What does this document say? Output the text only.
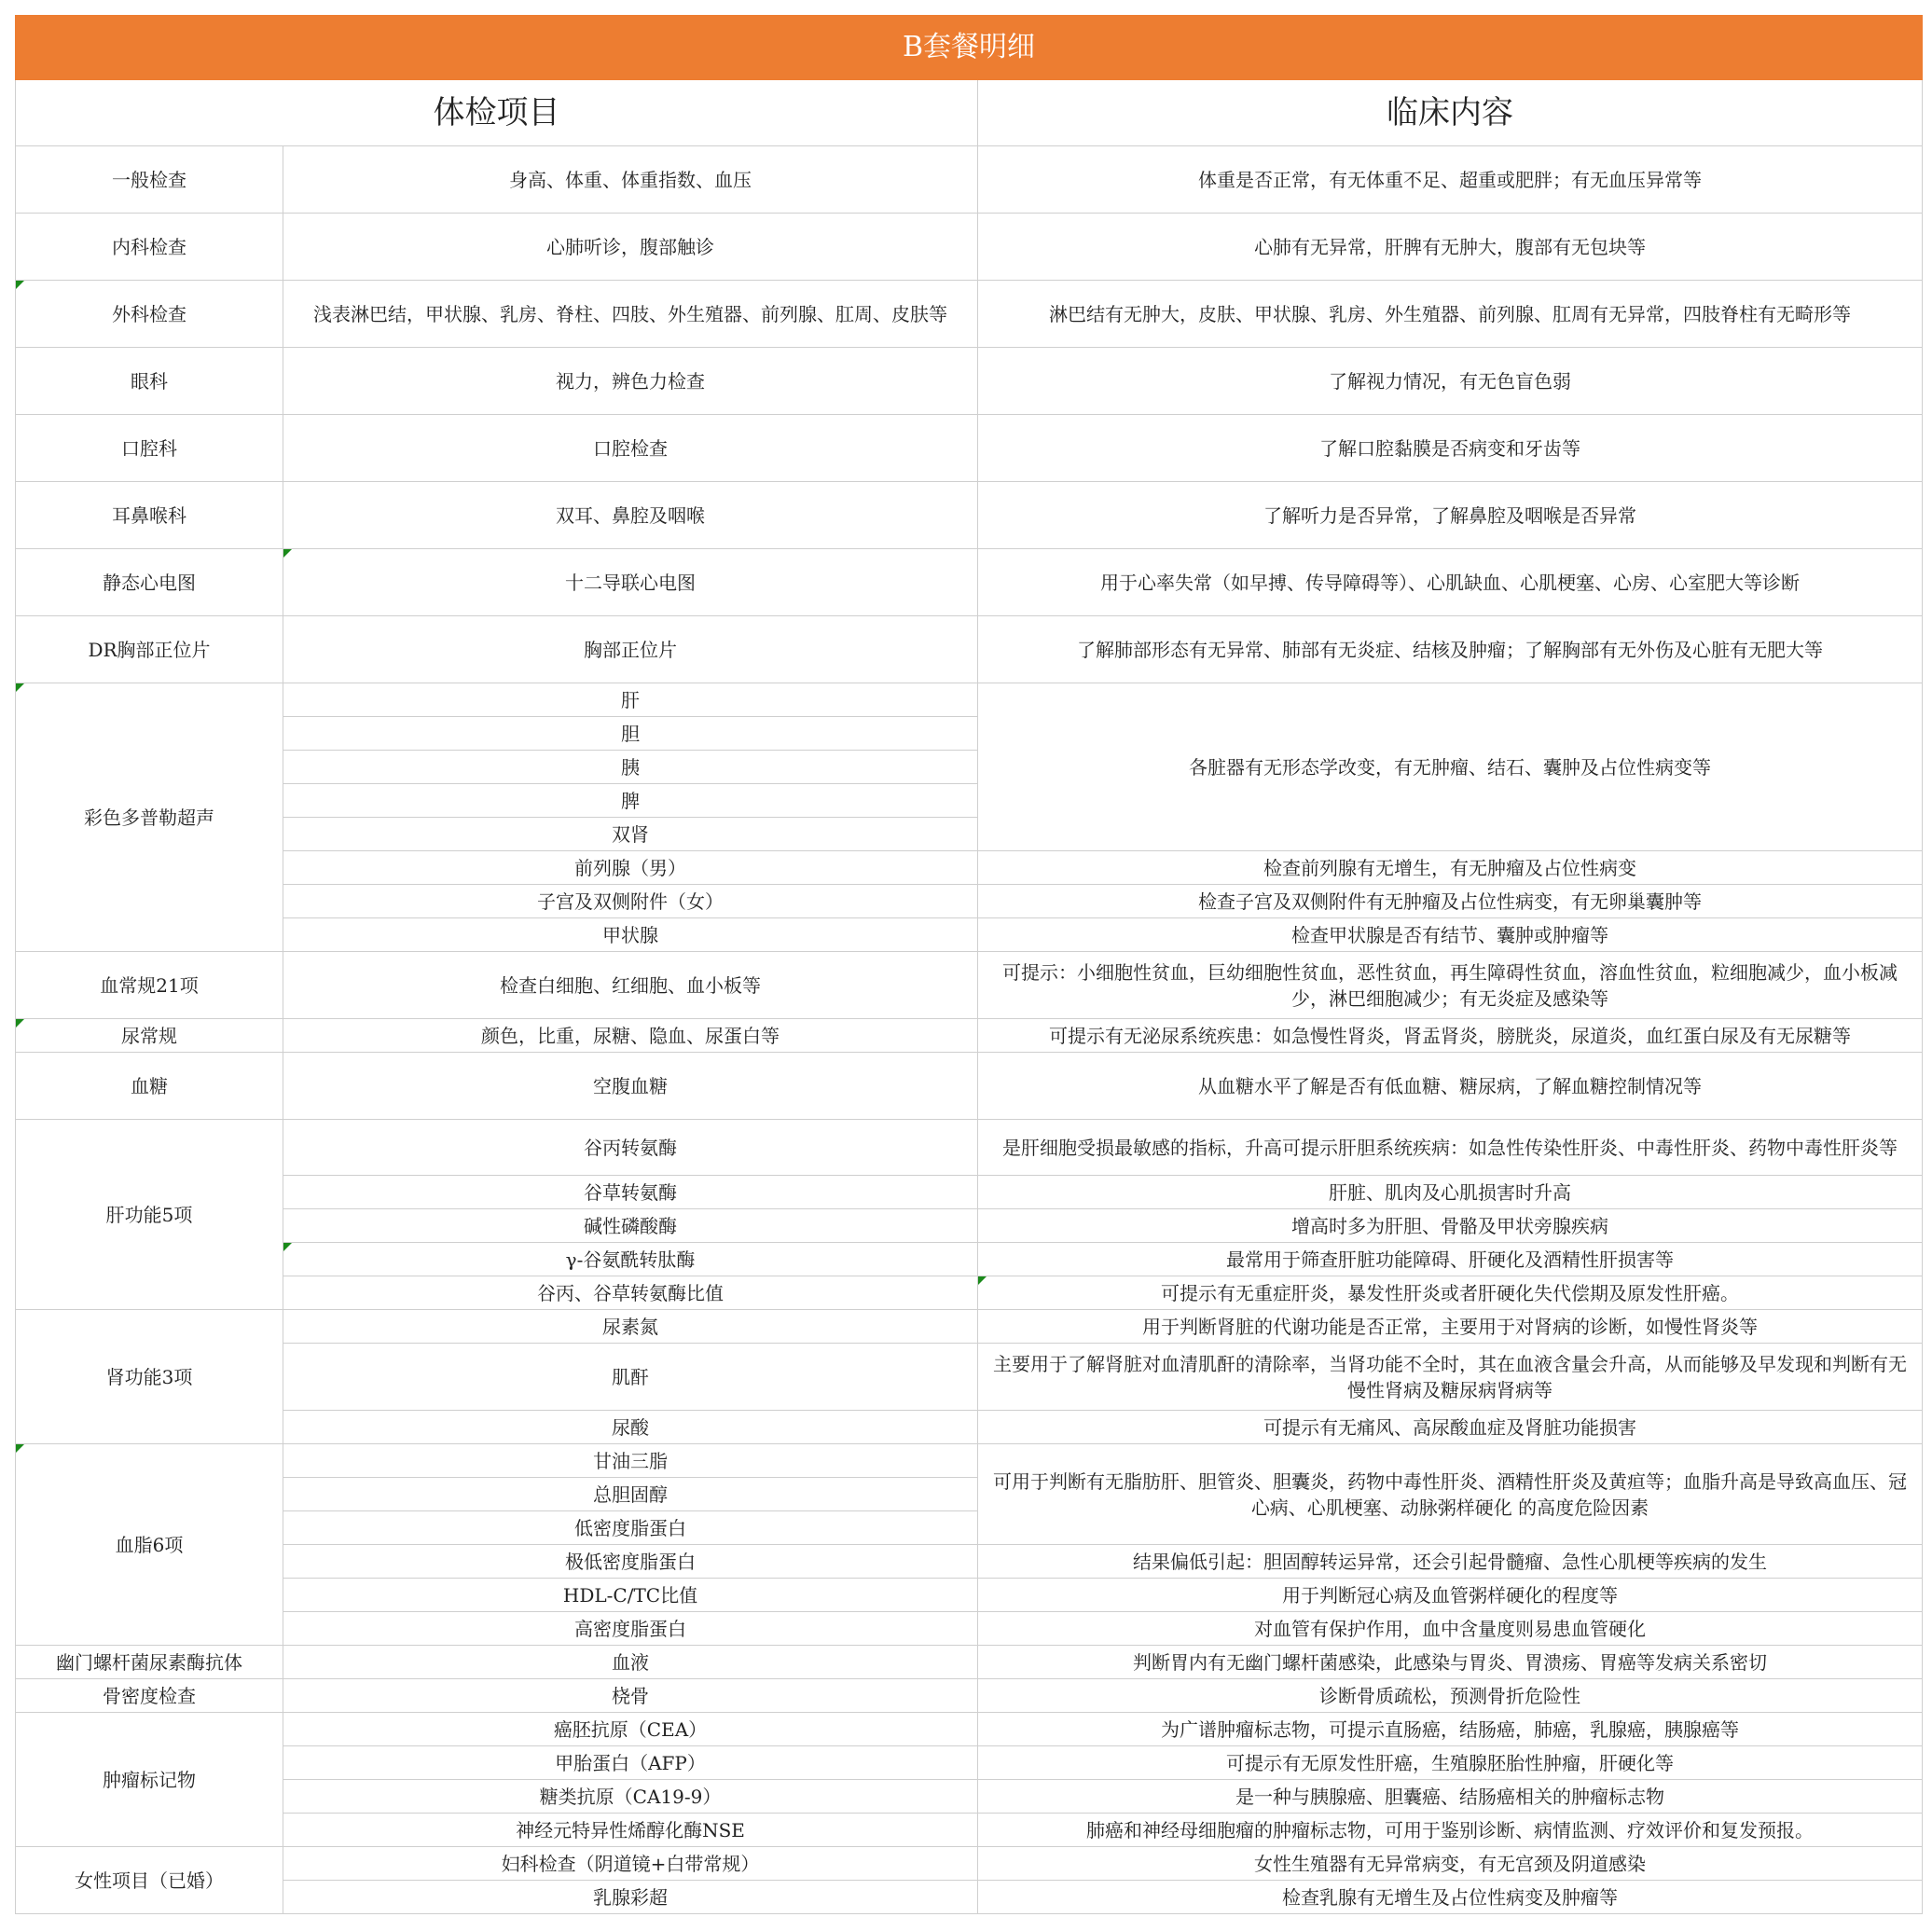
B套餐明细		
体检项目		临床内容
一般检查	身高、体重、体重指数、血压	体重是否正常，有无体重不足、超重或肥胖；有无血压异常等
内科检查	心肺听诊，腹部触诊	心肺有无异常，肝脾有无肿大，腹部有无包块等
外科检查	浅表淋巴结，甲状腺、乳房、脊柱、四肢、外生殖器、前列腺、肛周、皮肤等	淋巴结有无肿大，皮肤、甲状腺、乳房、外生殖器、前列腺、肛周有无异常，四肢脊柱有无畸形等
眼科	视力，辨色力检查	了解视力情况，有无色盲色弱
口腔科	口腔检查	了解口腔黏膜是否病变和牙齿等
耳鼻喉科	双耳、鼻腔及咽喉	了解听力是否异常，了解鼻腔及咽喉是否异常
静态心电图	十二导联心电图	用于心率失常（如早搏、传导障碍等）、心肌缺血、心肌梗塞、心房、心室肥大等诊断
DR胸部正位片	胸部正位片	了解肺部形态有无异常、肺部有无炎症、结核及肿瘤；了解胸部有无外伤及心脏有无肥大等
彩色多普勒超声	肝	各脏器有无形态学改变，有无肿瘤、结石、囊肿及占位性病变等
	胆	
	胰	
	脾	
	双肾	
	前列腺（男）	检查前列腺有无增生，有无肿瘤及占位性病变
	子宫及双侧附件（女）	检查子宫及双侧附件有无肿瘤及占位性病变，有无卵巢囊肿等
	甲状腺	检查甲状腺是否有结节、囊肿或肿瘤等
血常规21项	检查白细胞、红细胞、血小板等	可提示：小细胞性贫血，巨幼细胞性贫血，恶性贫血，再生障碍性贫血，溶血性贫血，粒细胞减少，血小板减少，淋巴细胞减少；有无炎症及感染等
尿常规	颜色，比重，尿糖、隐血、尿蛋白等	可提示有无泌尿系统疾患：如急慢性肾炎，肾盂肾炎，膀胱炎，尿道炎，血红蛋白尿及有无尿糖等
血糖	空腹血糖	从血糖水平了解是否有低血糖、糖尿病，了解血糖控制情况等
肝功能5项	谷丙转氨酶	是肝细胞受损最敏感的指标，升高可提示肝胆系统疾病：如急性传染性肝炎、中毒性肝炎、药物中毒性肝炎等
	谷草转氨酶	肝脏、肌肉及心肌损害时升高
	碱性磷酸酶	增高时多为肝胆、骨骼及甲状旁腺疾病
	γ-谷氨酰转肽酶	最常用于筛查肝脏功能障碍、肝硬化及酒精性肝损害等
	谷丙、谷草转氨酶比值	可提示有无重症肝炎，暴发性肝炎或者肝硬化失代偿期及原发性肝癌。
肾功能3项	尿素氮	用于判断肾脏的代谢功能是否正常，主要用于对肾病的诊断，如慢性肾炎等
	肌酐	主要用于了解肾脏对血清肌酐的清除率，当肾功能不全时，其在血液含量会升高，从而能够及早发现和判断有无慢性肾病及糖尿病肾病等
	尿酸	可提示有无痛风、高尿酸血症及肾脏功能损害
血脂6项	甘油三脂	可用于判断有无脂肪肝、胆管炎、胆囊炎，药物中毒性肝炎、酒精性肝炎及黄疸等；血脂升高是导致高血压、冠心病、心肌梗塞、动脉粥样硬化 的高度危险因素
	总胆固醇	
	低密度脂蛋白	
	极低密度脂蛋白	结果偏低引起：胆固醇转运异常，还会引起骨髓瘤、急性心肌梗等疾病的发生
	HDL-C/TC比值	用于判断冠心病及血管粥样硬化的程度等
	高密度脂蛋白	对血管有保护作用，血中含量度则易患血管硬化
幽门螺杆菌尿素酶抗体	血液	判断胃内有无幽门螺杆菌感染，此感染与胃炎、胃溃疡、胃癌等发病关系密切
骨密度检查	桡骨	诊断骨质疏松，预测骨折危险性
肿瘤标记物	癌胚抗原（CEA）	为广谱肿瘤标志物，可提示直肠癌，结肠癌，肺癌，乳腺癌，胰腺癌等
	甲胎蛋白（AFP）	可提示有无原发性肝癌，生殖腺胚胎性肿瘤，肝硬化等
	糖类抗原（CA19-9）	是一种与胰腺癌、胆囊癌、结肠癌相关的肿瘤标志物
	神经元特异性烯醇化酶NSE	肺癌和神经母细胞瘤的肿瘤标志物，可用于鉴别诊断、病情监测、疗效评价和复发预报。
女性项目（已婚）	妇科检查（阴道镜+白带常规）	女性生殖器有无异常病变，有无宫颈及阴道感染
	乳腺彩超	检查乳腺有无增生及占位性病变及肿瘤等
